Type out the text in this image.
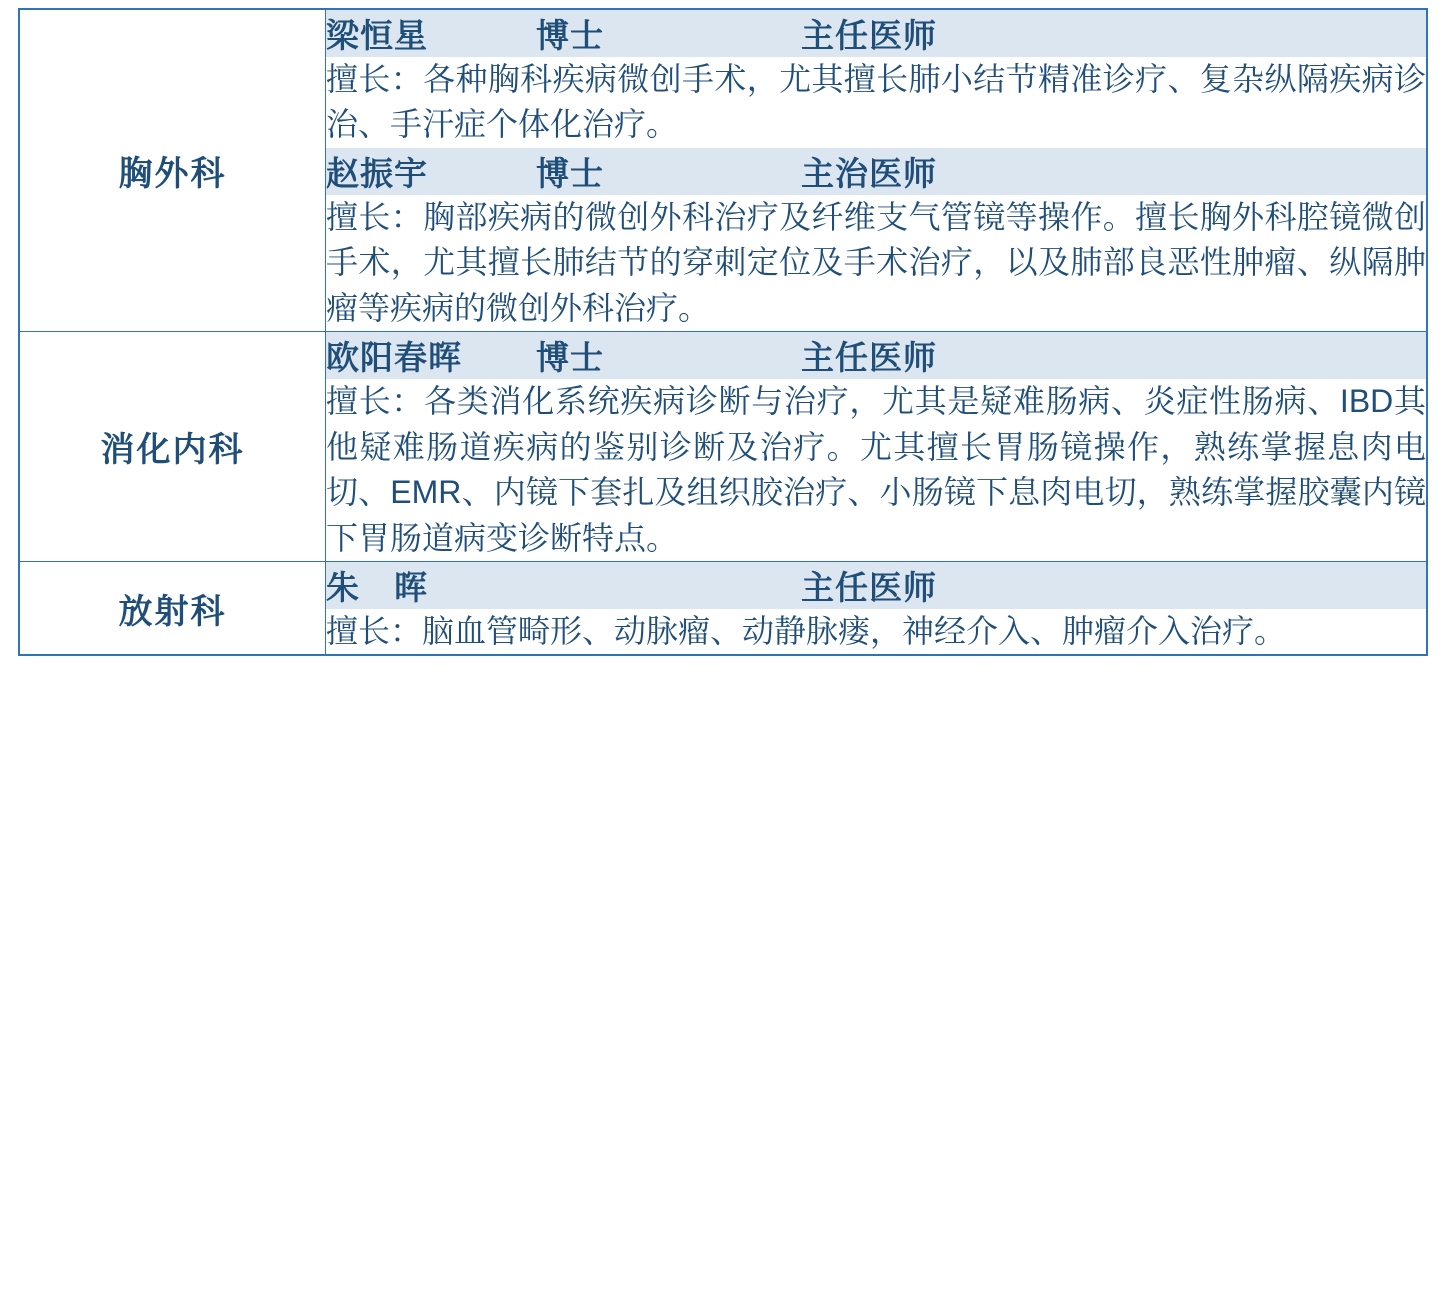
胸外科	
梁恒星	博士	主任医师
擅长：各种胸科疾病微创手术，尤其擅长肺小结节精准诊疗、复杂纵隔疾病诊治、手汗症个体化治疗。

赵振宇	博士	主治医师
擅长：胸部疾病的微创外科治疗及纤维支气管镜等操作。擅长胸外科腔镜微创手术，尤其擅长肺结节的穿刺定位及手术治疗，以及肺部良恶性肿瘤、纵隔肿瘤等疾病的微创外科治疗。

消化内科	
欧阳春晖 博士	主任医师
擅长：各类消化系统疾病诊断与治疗，尤其是疑难肠病、炎症性肠病、IBD其他疑难肠道疾病的鉴别诊断及治疗。尤其擅长胃肠镜操作，熟练掌握息肉电切、EMR、内镜下套扎及组织胶治疗、小肠镜下息肉电切，熟练掌握胶囊内镜下胃肠道病变诊断特点。

放射科	
朱　晖	主任医师
擅长：脑血管畸形、动脉瘤、动静脉瘘，神经介入、肿瘤介入治疗。
